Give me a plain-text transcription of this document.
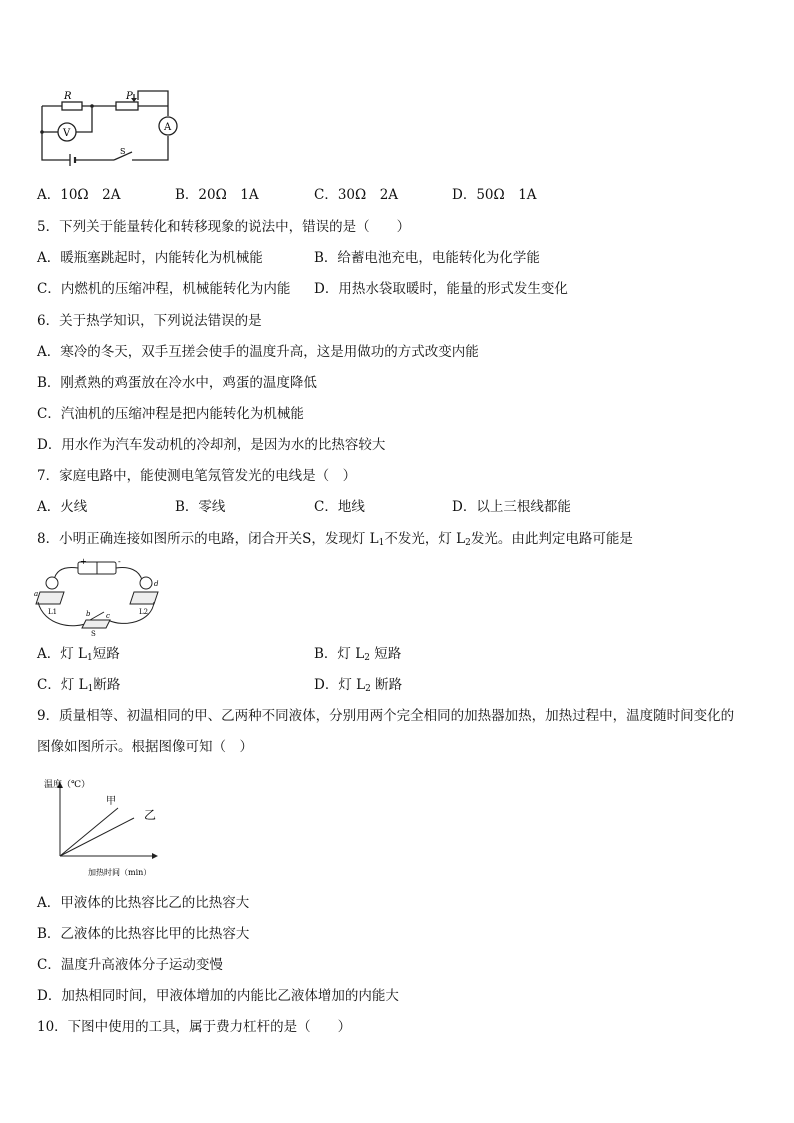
R	P
V
A
S
A．10Ω　2A	B．20Ω　1A	C．30Ω　2A	D．50Ω　1A
5．下列关于能量转化和转移现象的说法中，错误的是（　　）
A．暖瓶塞跳起时，内能转化为机械能	B．给蓄电池充电，电能转化为化学能
C．内燃机的压缩冲程，机械能转化为内能 D．用热水袋取暖时，能量的形式发生变化
6．关于热学知识，下列说法错误的是
A．寒冷的冬天，双手互搓会使手的温度升高，这是用做功的方式改变内能
B．刚煮熟的鸡蛋放在冷水中，鸡蛋的温度降低
C．汽油机的压缩冲程是把内能转化为机械能
D．用水作为汽车发动机的冷却剂，是因为水的比热容较大
7．家庭电路中，能使测电笔氖管发光的电线是（　）
A．火线	B．零线	C．地线	D．以上三根线都能
8．小明正确连接如图所示的电路，闭合开关S，发现灯 $L_1$不发光，灯 $L_2$发光。由此判定电路可能是
+	-
a
b c
d
L1	L2
S
A．灯 $L_1$短路	B．灯 $L_2$ 短路
C．灯 $L_1$断路	D．灯 $L_2$ 断路
9．质量相等、初温相同的甲、乙两种不同液体，分别用两个完全相同的加热器加热，加热过程中，温度随时间变化的
图像如图所示。根据图像可知（　）
温度（℃）
加热时间（min）
甲
乙
A．甲液体的比热容比乙的比热容大
B．乙液体的比热容比甲的比热容大
C．温度升高液体分子运动变慢
D．加热相同时间，甲液体增加的内能比乙液体增加的内能大
10．下图中使用的工具，属于费力杠杆的是（　　）
